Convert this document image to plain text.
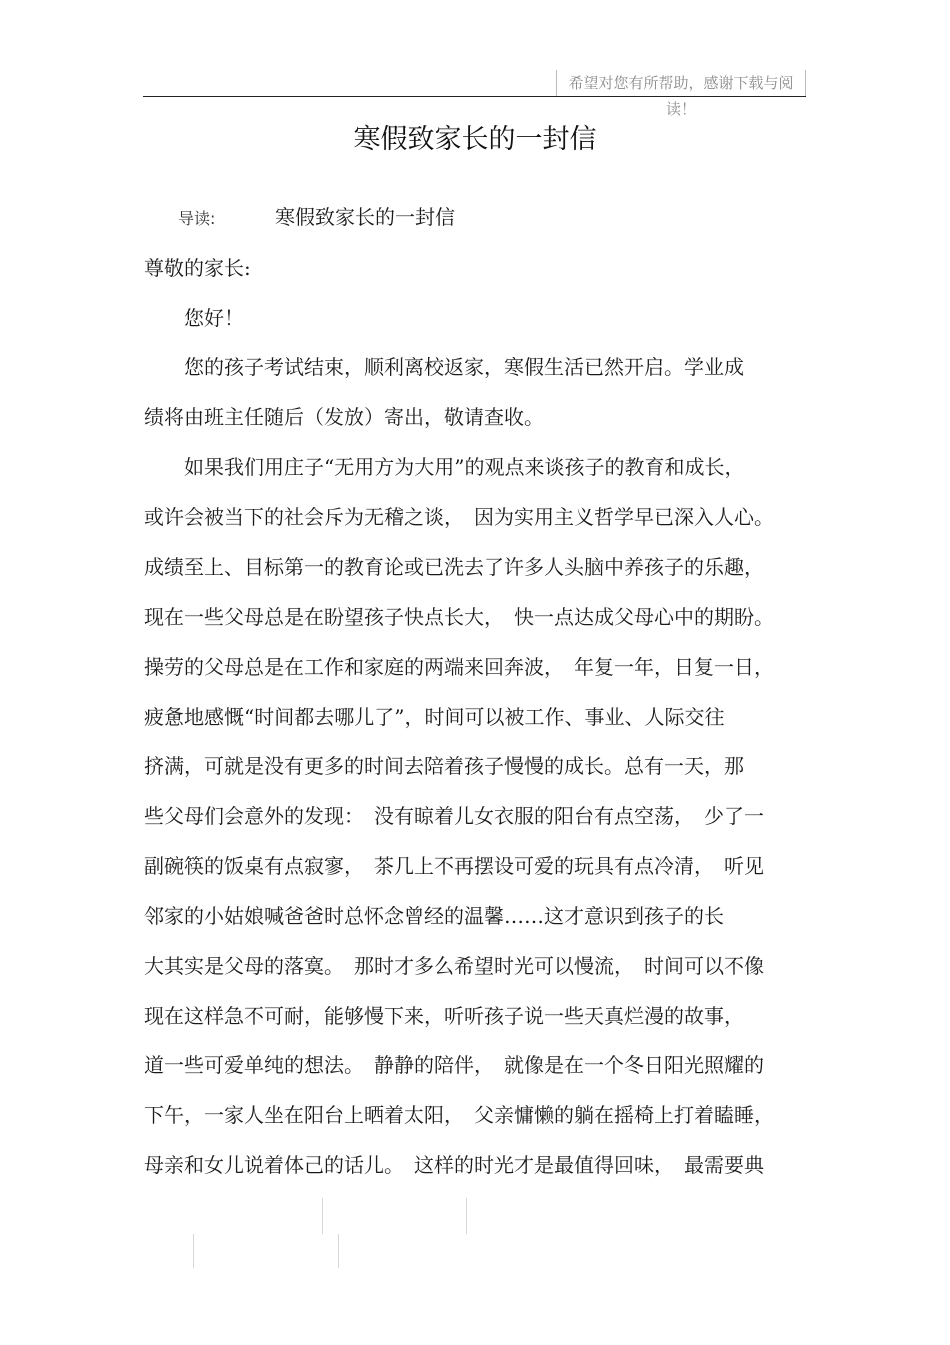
希望对您有所帮助，感谢下载与阅读！
寒假致家长的一封信
导读:	寒假致家长的一封信
尊敬的家长:
　　您好！
　　您的孩子考试结束，顺利离校返家，寒假生活已然开启。学业成
绩将由班主任随后（发放）寄出，敬请查收。
　　如果我们用庄子“无用方为大用”的观点来谈孩子的教育和成长，
或许会被当下的社会斥为无稽之谈，　因为实用主义哲学早已深入人心。
成绩至上、目标第一的教育论或已洗去了许多人头脑中养孩子的乐趣，
现在一些父母总是在盼望孩子快点长大，　快一点达成父母心中的期盼。
操劳的父母总是在工作和家庭的两端来回奔波，　年复一年，日复一日，
疲惫地感慨“时间都去哪儿了”，时间可以被工作、事业、人际交往
挤满，可就是没有更多的时间去陪着孩子慢慢的成长。总有一天，那
些父母们会意外的发现：　没有晾着儿女衣服的阳台有点空荡，　少了一
副碗筷的饭桌有点寂寥，　茶几上不再摆设可爱的玩具有点冷清，　听见
邻家的小姑娘喊爸爸时总怀念曾经的温馨……这才意识到孩子的长
大其实是父母的落寞。　那时才多么希望时光可以慢流，　时间可以不像
现在这样急不可耐，能够慢下来，听听孩子说一些天真烂漫的故事，
道一些可爱单纯的想法。　静静的陪伴，　就像是在一个冬日阳光照耀的
下午，一家人坐在阳台上晒着太阳，　父亲慵懒的躺在摇椅上打着瞌睡，
母亲和女儿说着体己的话儿。　这样的时光才是最值得回味，　最需要典
